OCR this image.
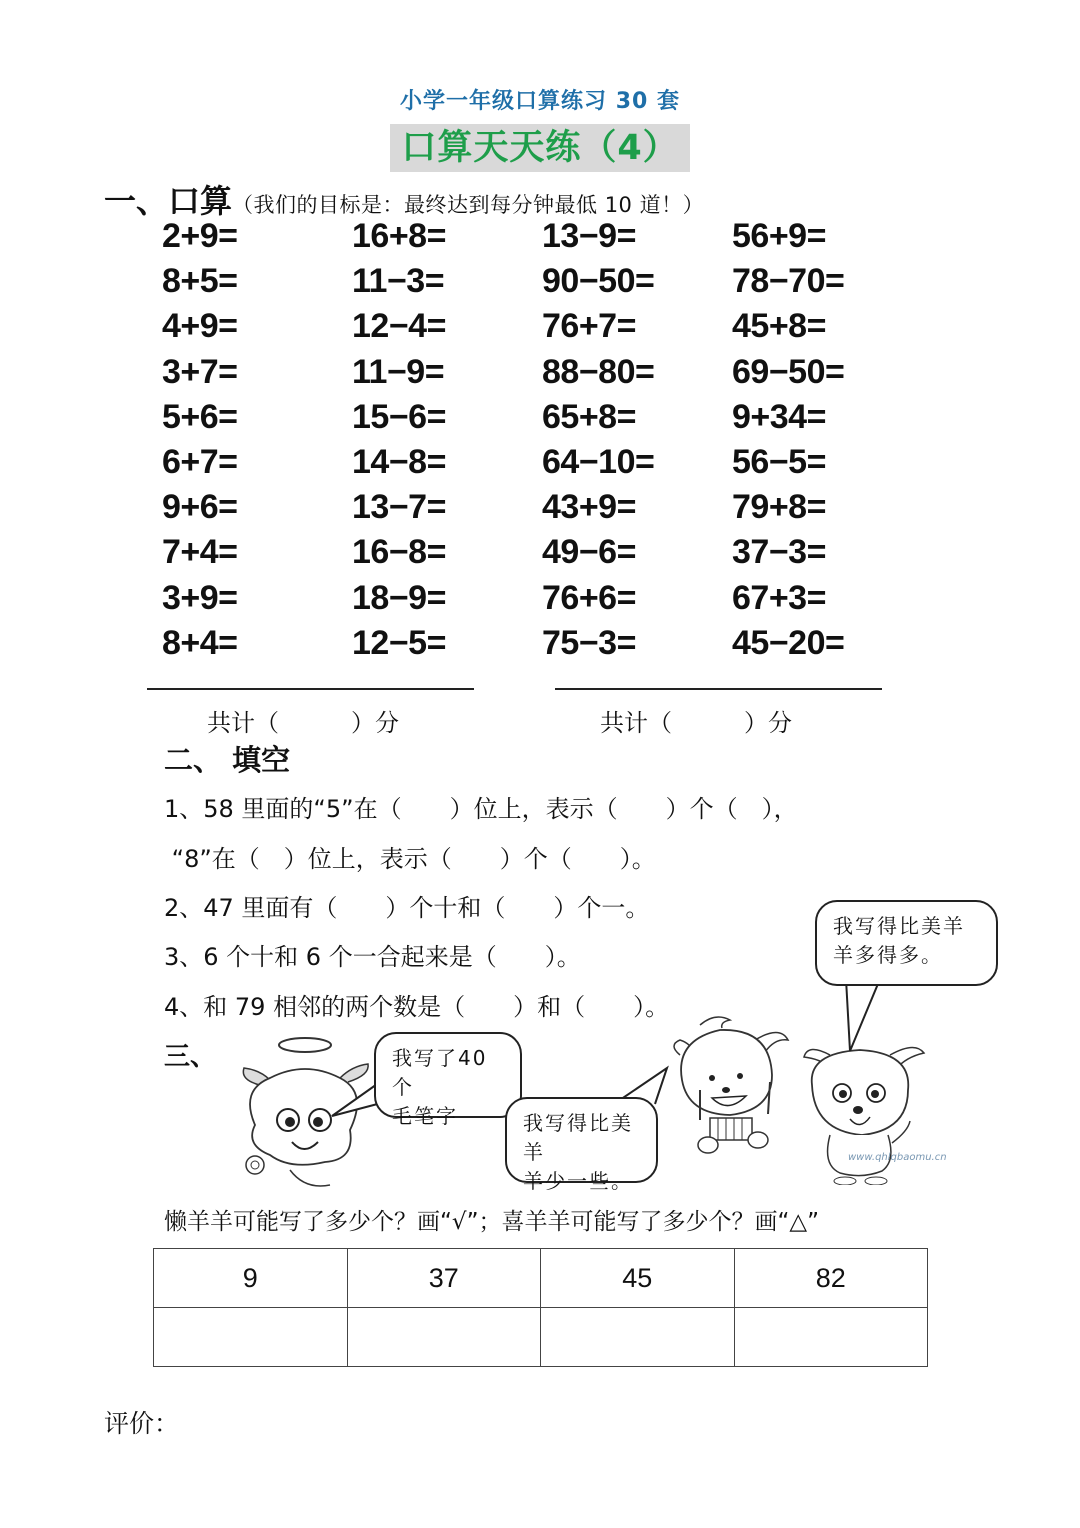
小学一年级口算练习 30 套
口算天天练（4）
一、口算（我们的目标是：最终达到每分钟最低 10 道！）
2+9=	16+8=	13−9=	56+9=
8+5=	11−3=	90−50=	78−70=
4+9=	12−4=	76+7=	45+8=
3+7=	11−9=	88−80=	69−50=
5+6=	15−6=	65+8=	9+34=
6+7=	14−8=	64−10=	56−5=
9+6=	13−7=	43+9=	79+8=
7+4=	16−8=	49−6=	37−3=
3+9=	18−9=	76+6=	67+3=
8+4=	12−5=	75−3=	45−20=
共计（　　　）分	共计（　　　）分
二、 填空
1、58 里面的“5”在（　　）位上，表示（　　）个（　），
“8”在（　）位上，表示（　　）个（　　）。
2、47 里面有（　　）个十和（　　）个一。
3、6 个十和 6 个一合起来是（　　）。
4、和 79 相邻的两个数是（　　）和（　　）。
三、
www.qhlqbaomu.cn
我写了40个
毛笔字	我写得比美羊
羊少一些。
我写得比美羊
羊多得多。
懒羊羊可能写了多少个？画“√”；喜羊羊可能写了多少个？画“△”
9	37	45	82

评价：
